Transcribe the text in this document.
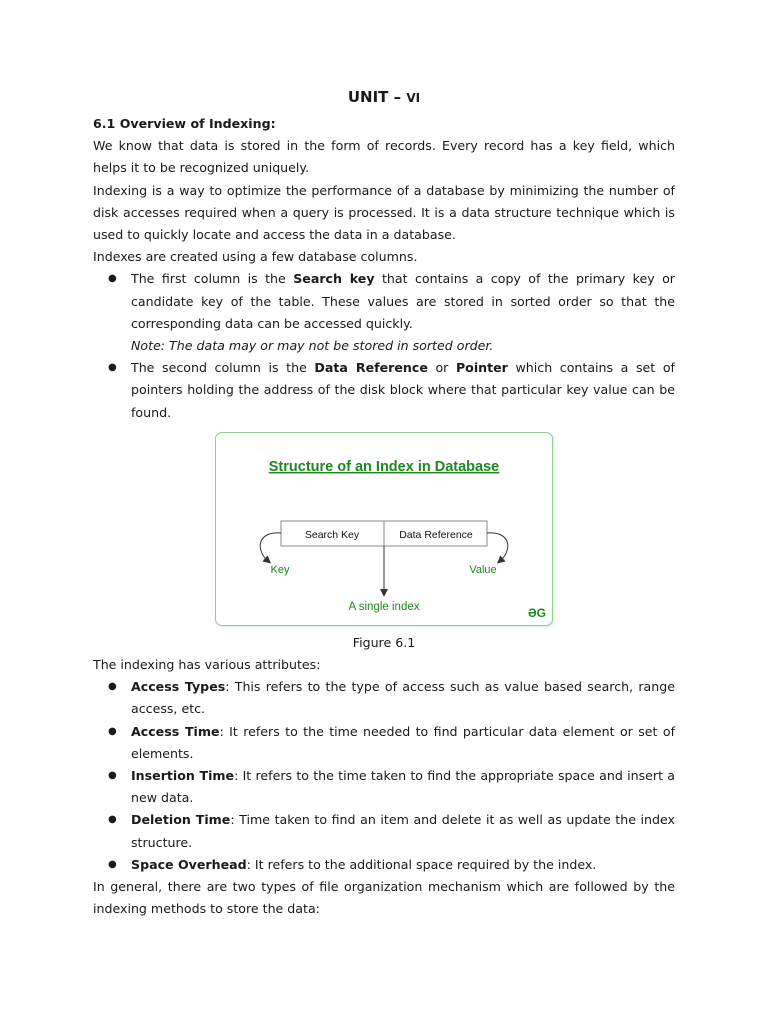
UNIT – VI

6.1 Overview of Indexing:

We know that data is stored in the form of records. Every record has a key field, which helps it to be recognized uniquely.

Indexing is a way to optimize the performance of a database by minimizing the number of disk accesses required when a query is processed. It is a data structure technique which is used to quickly locate and access the data in a database.

Indexes are created using a few database columns.

● The first column is the Search key that contains a copy of the primary key or candidate key of the table. These values are stored in sorted order so that the corresponding data can be accessed quickly.
Note: The data may or may not be stored in sorted order.
● The second column is the Data Reference or Pointer which contains a set of pointers holding the address of the disk block where that particular key value can be found.
Structure of an Index in Database
Search Key	Data Reference
Key	Value
A single index	ƏG
Figure 6.1

The indexing has various attributes:

● Access Types: This refers to the type of access such as value based search, range access, etc.
● Access Time: It refers to the time needed to find particular data element or set of elements.
● Insertion Time: It refers to the time taken to find the appropriate space and insert a new data.
● Deletion Time: Time taken to find an item and delete it as well as update the index structure.
● Space Overhead: It refers to the additional space required by the index.

In general, there are two types of file organization mechanism which are followed by the indexing methods to store the data:
